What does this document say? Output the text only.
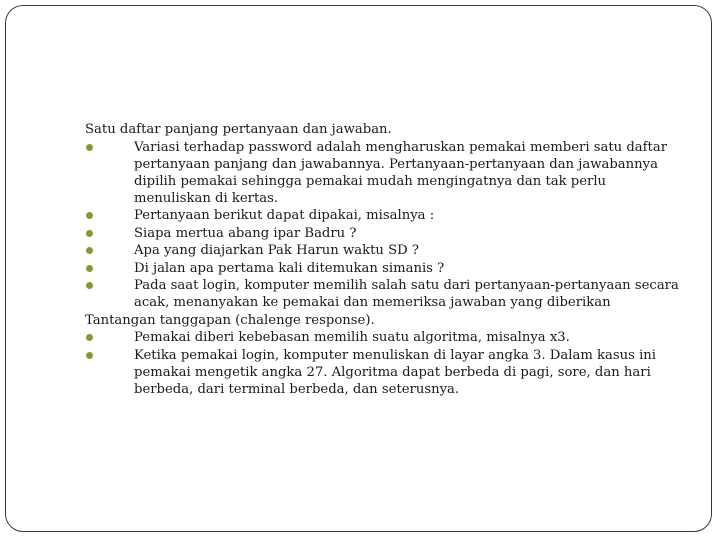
Satu daftar panjang pertanyaan dan jawaban.

Variasi terhadap password adalah mengharuskan pemakai memberi satu daftar pertanyaan panjang dan jawabannya. Pertanyaan-pertanyaan dan jawabannya dipilih pemakai sehingga pemakai mudah mengingatnya dan tak perlu menuliskan di kertas.
Pertanyaan berikut dapat dipakai, misalnya :
Siapa mertua abang ipar Badru ?
Apa yang diajarkan Pak Harun waktu SD ?
Di jalan apa pertama kali ditemukan simanis ?
Pada saat login, komputer memilih salah satu dari pertanyaan-pertanyaan secara acak, menanyakan ke pemakai dan memeriksa jawaban yang diberikan

Tantangan tanggapan (chalenge response).

Pemakai diberi kebebasan memilih suatu algoritma, misalnya x3.
Ketika pemakai login, komputer menuliskan di layar angka 3. Dalam kasus ini pemakai mengetik angka 27. Algoritma dapat berbeda di pagi, sore, dan hari berbeda, dari terminal berbeda, dan seterusnya.
